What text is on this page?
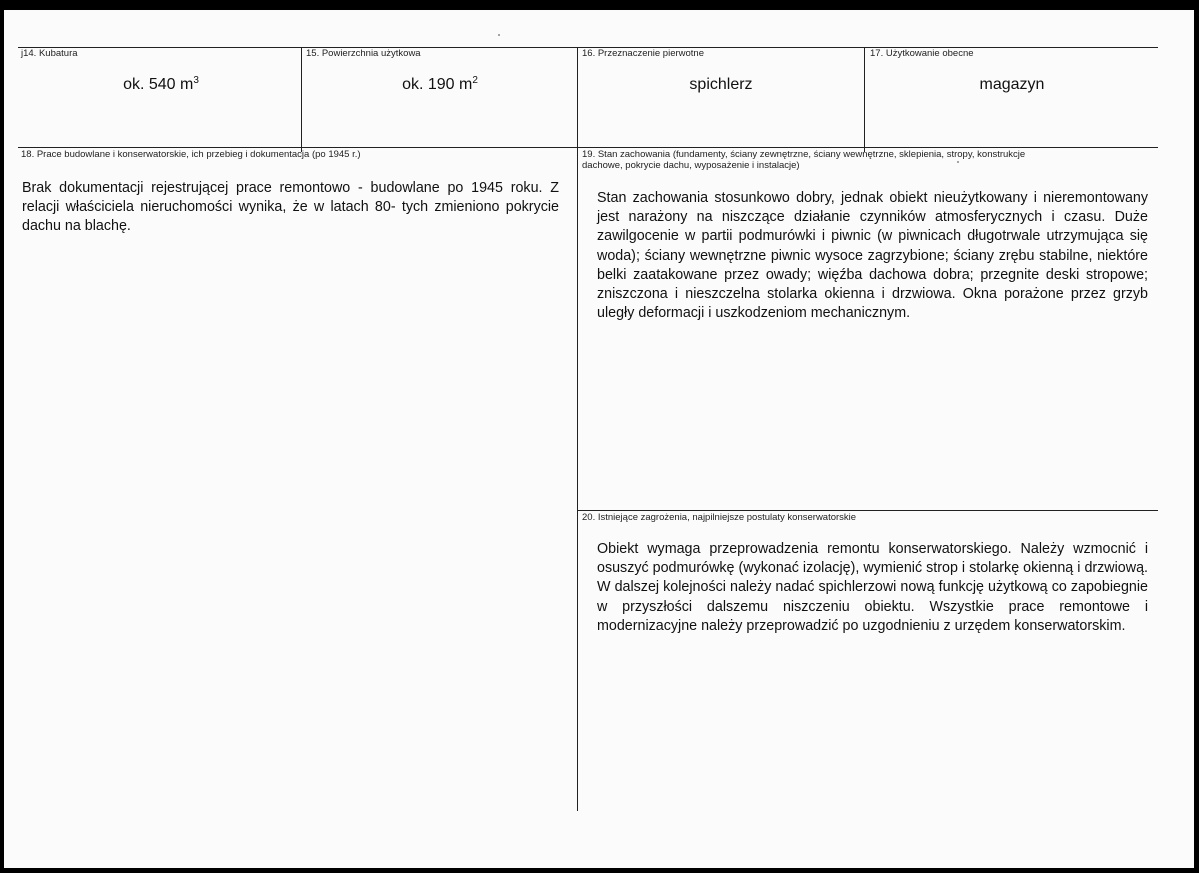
j14. Kubatura
ok. 540 $m^3$
15. Powierzchnia użytkowa
ok. 190 $m^2$
16. Przeznaczenie pierwotne
spichlerz
17. Użytkowanie obecne
magazyn
18. Prace budowlane i konserwatorskie, ich przebieg i dokumentacja (po 1945 r.)
Brak dokumentacji rejestrującej prace remontowo - budowlane po 1945 roku. Z relacji właściciela nieruchomości wynika, że w latach 80- tych zmieniono pokrycie dachu na blachę.
19. Stan zachowania (fundamenty, ściany zewnętrzne, ściany wewnętrzne, sklepienia, stropy, konstrukcje dachowe, pokrycie dachu, wyposażenie i instalacje)
Stan zachowania stosunkowo dobry, jednak obiekt nieużytkowany i nieremontowany jest narażony na niszczące działanie czynników atmosferycznych i czasu. Duże zawilgocenie w partii podmurówki i piwnic (w piwnicach długotrwale utrzymująca się woda); ściany wewnętrzne piwnic wysoce zagrzybione; ściany zrębu stabilne, niektóre belki zaatakowane przez owady; więźba dachowa dobra; przegnite deski stropowe; zniszczona i nieszczelna stolarka okienna i drzwiowa. Okna porażone przez grzyb uległy deformacji i uszkodzeniom mechanicznym.
20. Istniejące zagrożenia, najpilniejsze postulaty konserwatorskie
Obiekt wymaga przeprowadzenia remontu konserwatorskiego. Należy wzmocnić i osuszyć podmurówkę (wykonać izolację), wymienić strop i stolarkę okienną i drzwiową. W dalszej kolejności należy nadać spichlerzowi nową funkcję użytkową co zapobiegnie w przyszłości dalszemu niszczeniu obiektu. Wszystkie prace remontowe i modernizacyjne należy przeprowadzić po uzgodnieniu z urzędem konserwatorskim.
